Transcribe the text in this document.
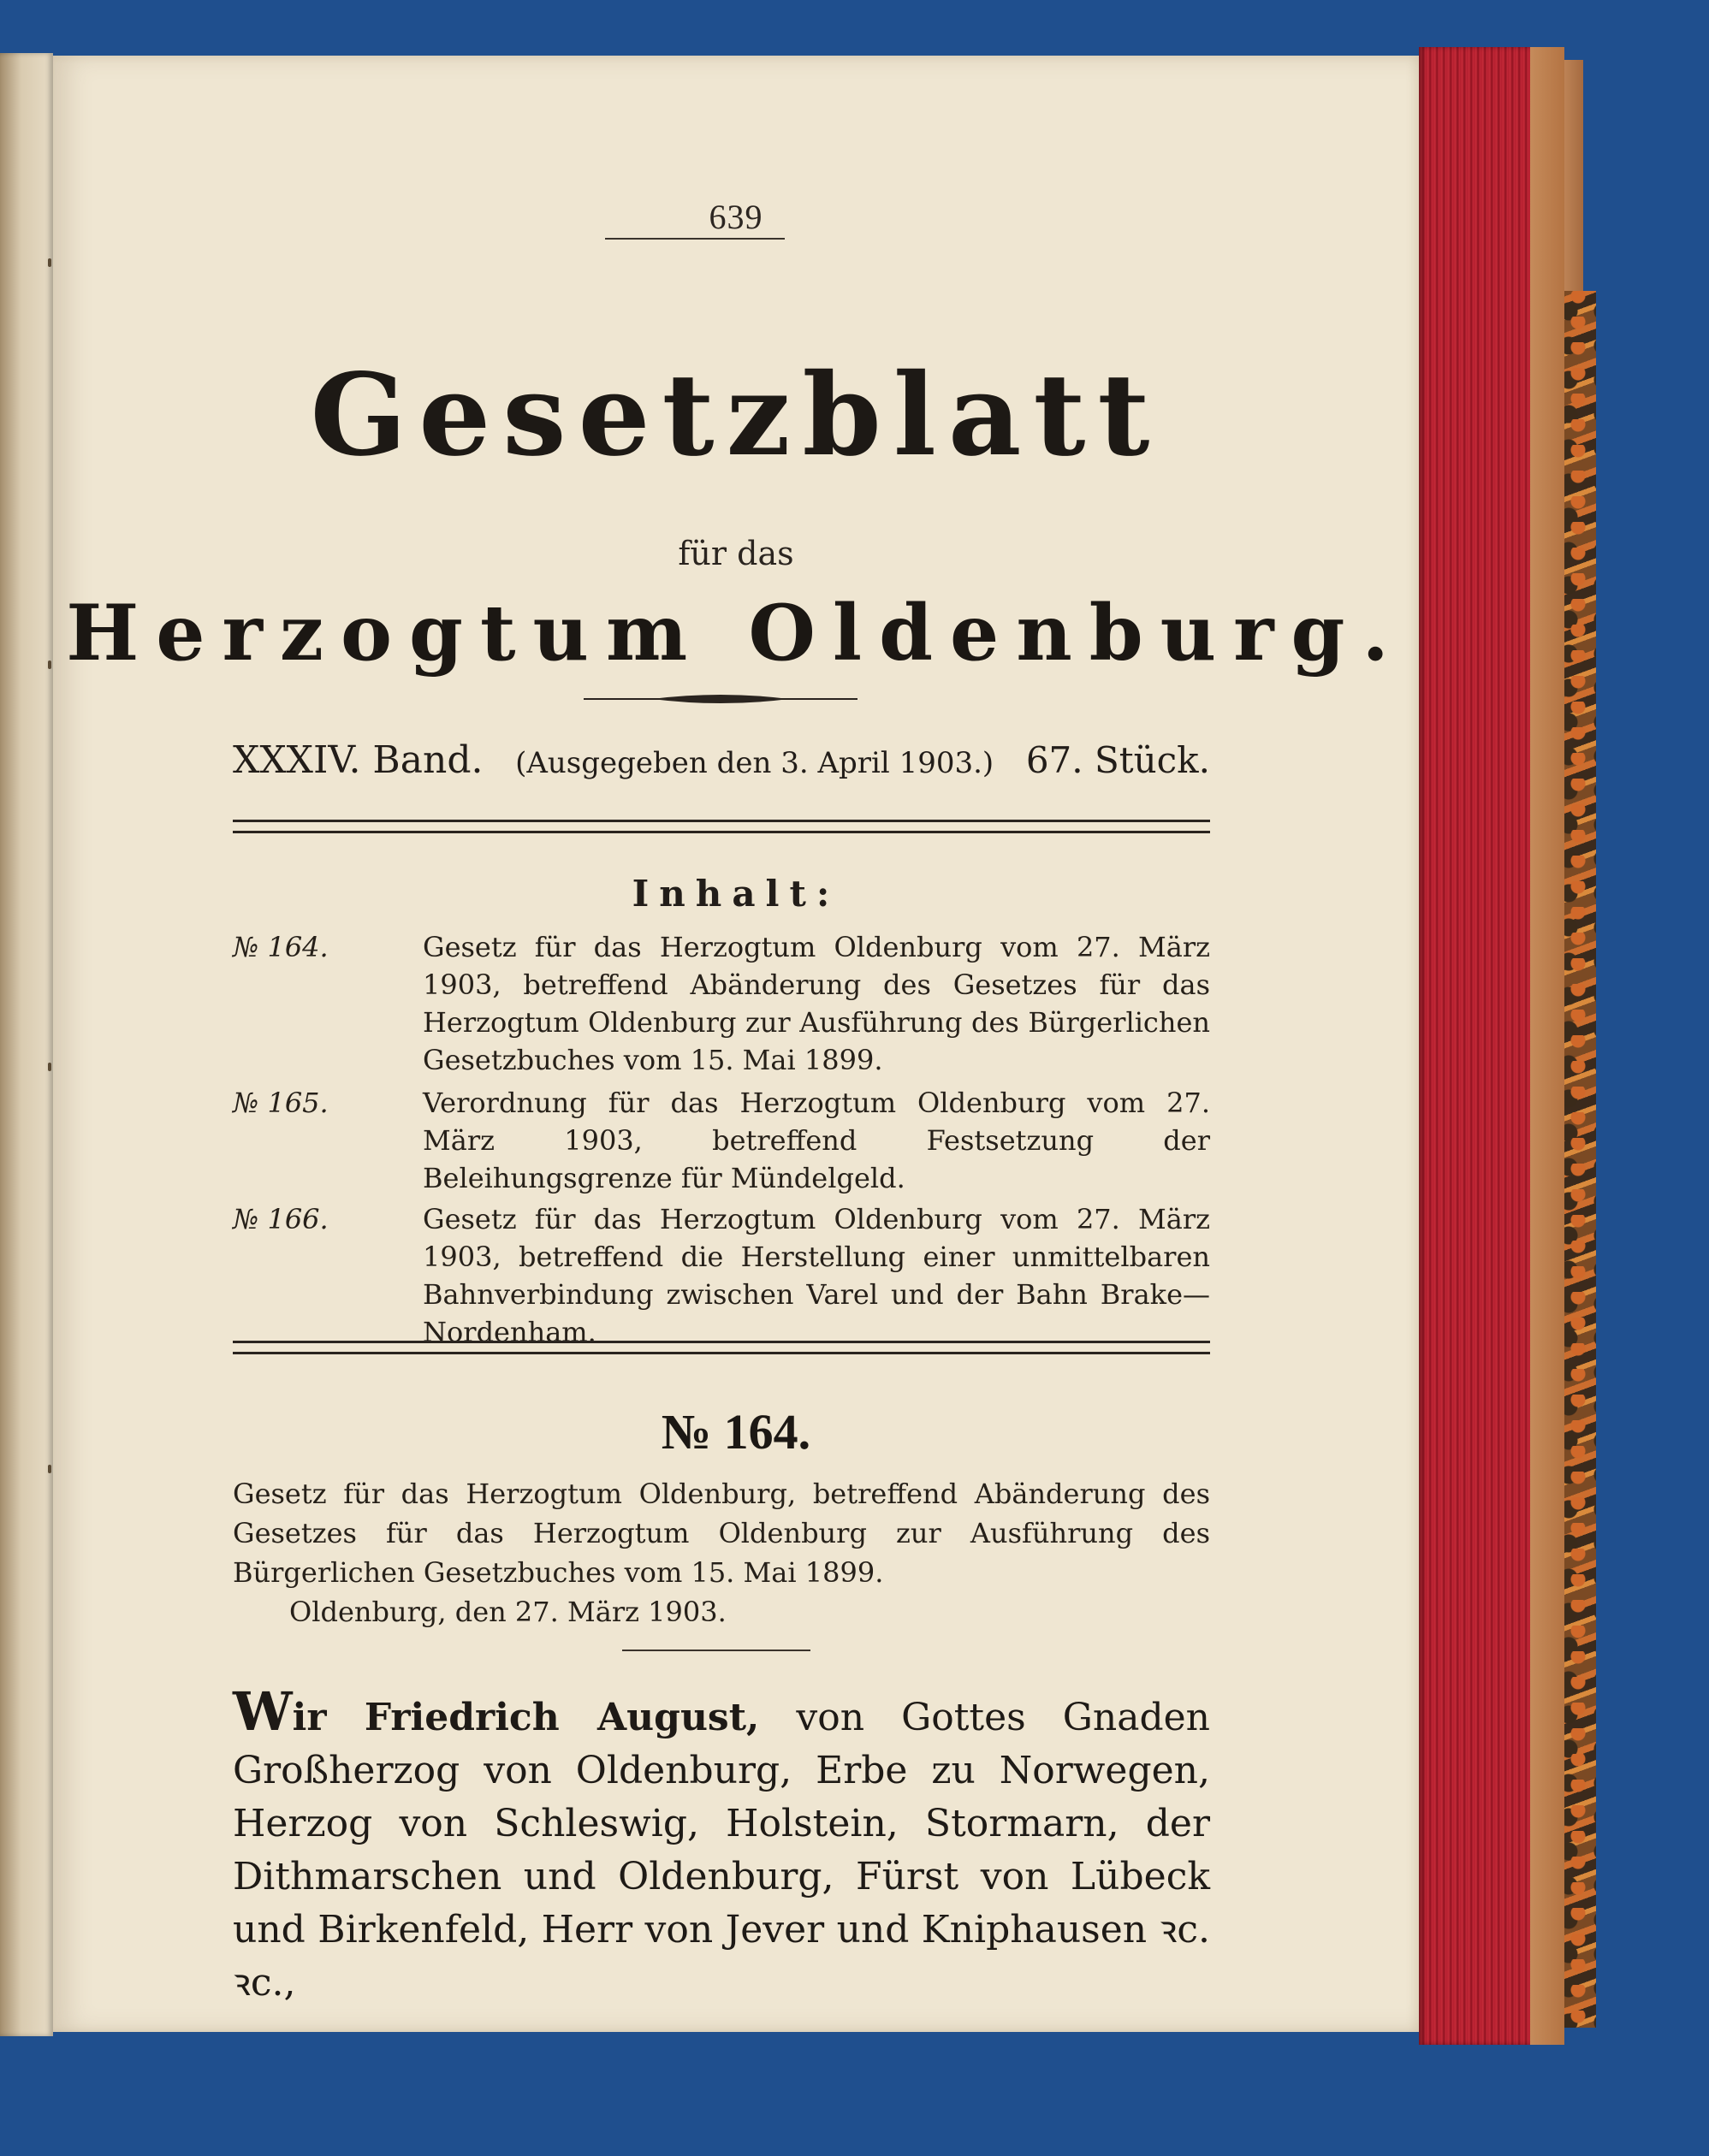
639
Gesetzblatt
für das
Herzogtum Oldenburg.
XXXIV. Band. (Ausgegeben den 3. April 1903.) 67. Stück.
Inhalt:
№ 164.	Gesetz für das Herzogtum Oldenburg vom 27. März 1903, betreffend Abänderung des Gesetzes für das Herzogtum Oldenburg zur Ausführung des Bürgerlichen Gesetzbuches vom 15. Mai 1899.
№ 165.	Verordnung für das Herzogtum Oldenburg vom 27. März 1903, betreffend Festsetzung der Beleihungsgrenze für Mündelgeld.
№ 166.	Gesetz für das Herzogtum Oldenburg vom 27. März 1903, betreffend die Herstellung einer unmittelbaren Bahnverbindung zwischen Varel und der Bahn Brake—Nordenham.
№ 164.
Gesetz für das Herzogtum Oldenburg, betreffend Abänderung des Gesetzes für das Herzogtum Oldenburg zur Ausführung des Bürgerlichen Gesetzbuches vom 15. Mai 1899.
Oldenburg, den 27. März 1903.
Wir Friedrich August, von Gottes Gnaden Großherzog von Oldenburg, Erbe zu Norwegen, Herzog von Schleswig, Holstein, Stormarn, der Dithmarschen und Oldenburg, Fürst von Lübeck und Birkenfeld, Herr von Jever und Kniphausen ꝛc. ꝛc.,
